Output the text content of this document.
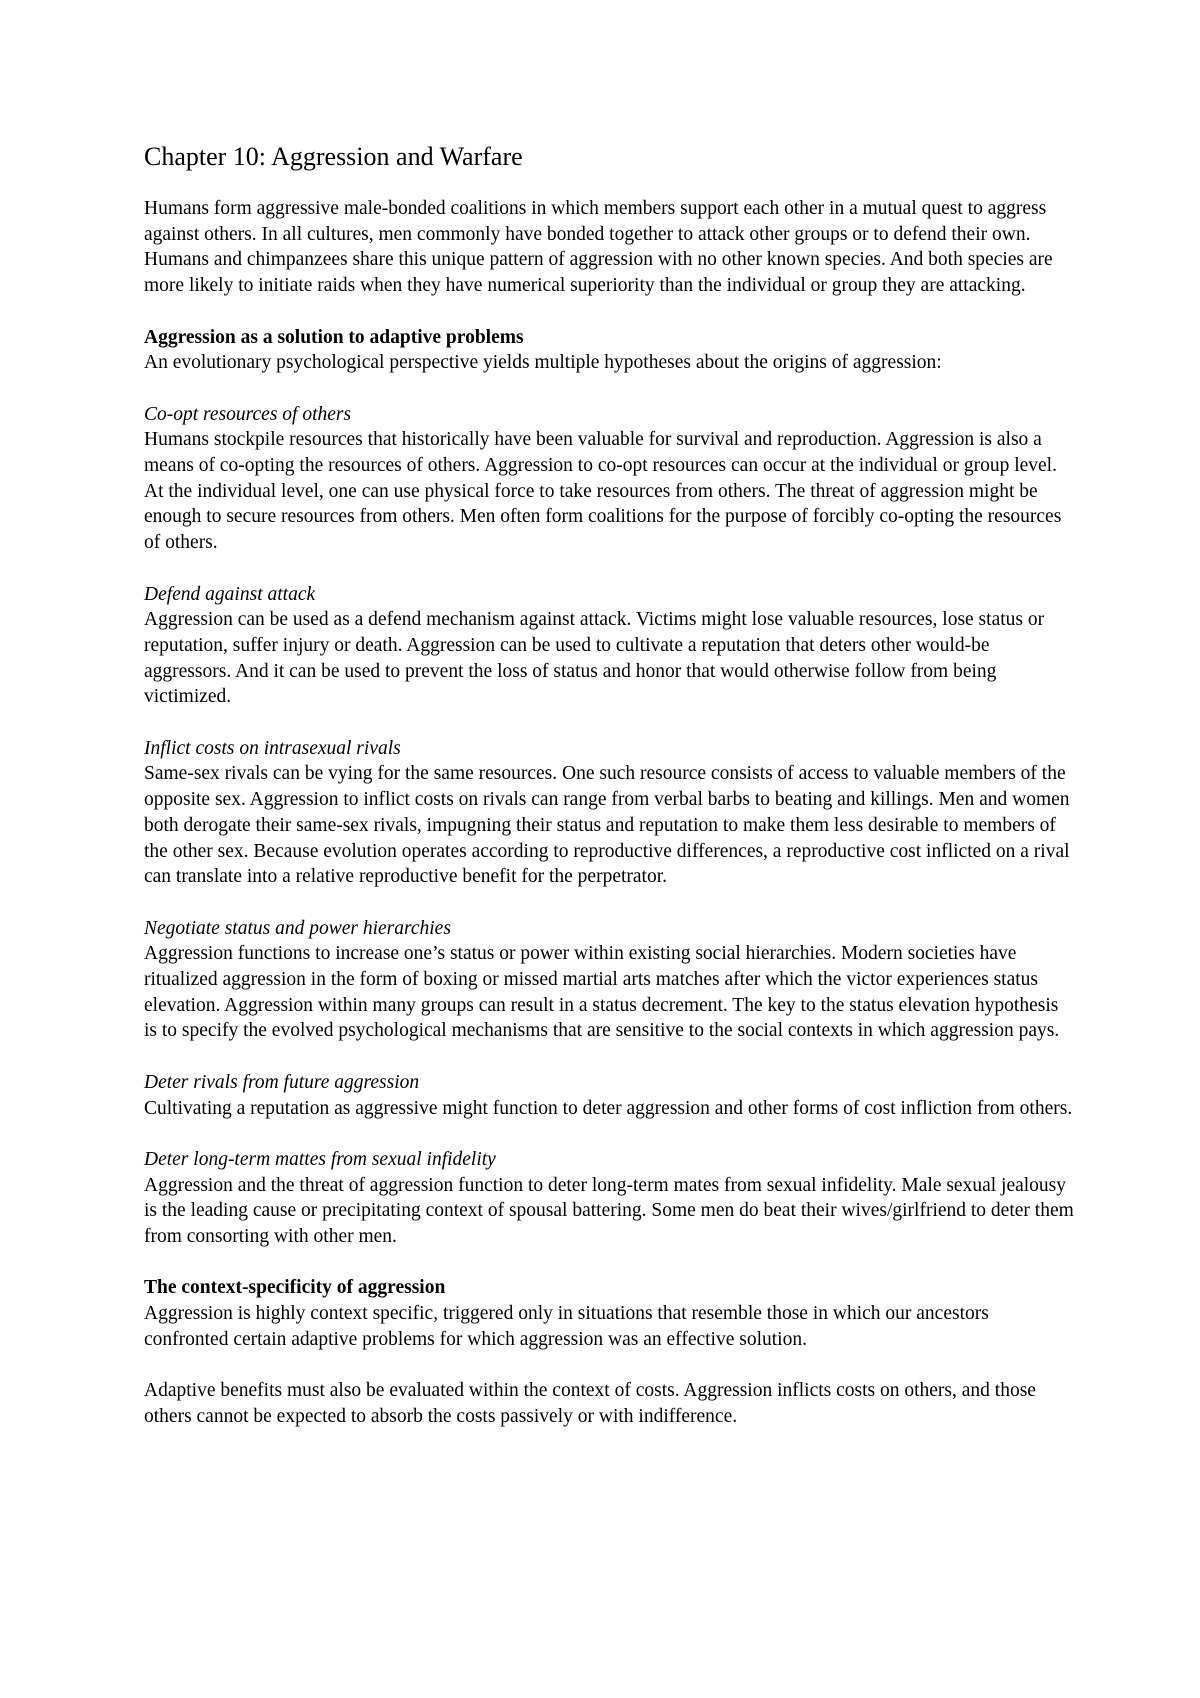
Chapter 10: Aggression and Warfare

Humans form aggressive male-bonded coalitions in which members support each other in a mutual quest to aggress against others. In all cultures, men commonly have bonded together to attack other groups or to defend their own. Humans and chimpanzees share this unique pattern of aggression with no other known species. And both species are more likely to initiate raids when they have numerical superiority than the individual or group they are attacking.

Aggression as a solution to adaptive problems
An evolutionary psychological perspective yields multiple hypotheses about the origins of aggression:
Co-opt resources of others
Humans stockpile resources that historically have been valuable for survival and reproduction. Aggression is also a means of co-opting the resources of others. Aggression to co-opt resources can occur at the individual or group level. At the individual level, one can use physical force to take resources from others. The threat of aggression might be enough to secure resources from others. Men often form coalitions for the purpose of forcibly co-opting the resources of others.
Defend against attack
Aggression can be used as a defend mechanism against attack. Victims might lose valuable resources, lose status or reputation, suffer injury or death. Aggression can be used to cultivate a reputation that deters other would-be aggressors. And it can be used to prevent the loss of status and honor that would otherwise follow from being victimized.
Inflict costs on intrasexual rivals
Same-sex rivals can be vying for the same resources. One such resource consists of access to valuable members of the opposite sex. Aggression to inflict costs on rivals can range from verbal barbs to beating and killings. Men and women both derogate their same-sex rivals, impugning their status and reputation to make them less desirable to members of the other sex. Because evolution operates according to reproductive differences, a reproductive cost inflicted on a rival can translate into a relative reproductive benefit for the perpetrator.
Negotiate status and power hierarchies
Aggression functions to increase one’s status or power within existing social hierarchies. Modern societies have ritualized aggression in the form of boxing or missed martial arts matches after which the victor experiences status elevation. Aggression within many groups can result in a status decrement. The key to the status elevation hypothesis is to specify the evolved psychological mechanisms that are sensitive to the social contexts in which aggression pays.
Deter rivals from future aggression
Cultivating a reputation as aggressive might function to deter aggression and other forms of cost infliction from others.
Deter long-term mattes from sexual infidelity
Aggression and the threat of aggression function to deter long-term mates from sexual infidelity. Male sexual jealousy is the leading cause or precipitating context of spousal battering. Some men do beat their wives/girlfriend to deter them from consorting with other men.
The context-specificity of aggression
Aggression is highly context specific, triggered only in situations that resemble those in which our ancestors confronted certain adaptive problems for which aggression was an effective solution.

Adaptive benefits must also be evaluated within the context of costs. Aggression inflicts costs on others, and those others cannot be expected to absorb the costs passively or with indifference.
